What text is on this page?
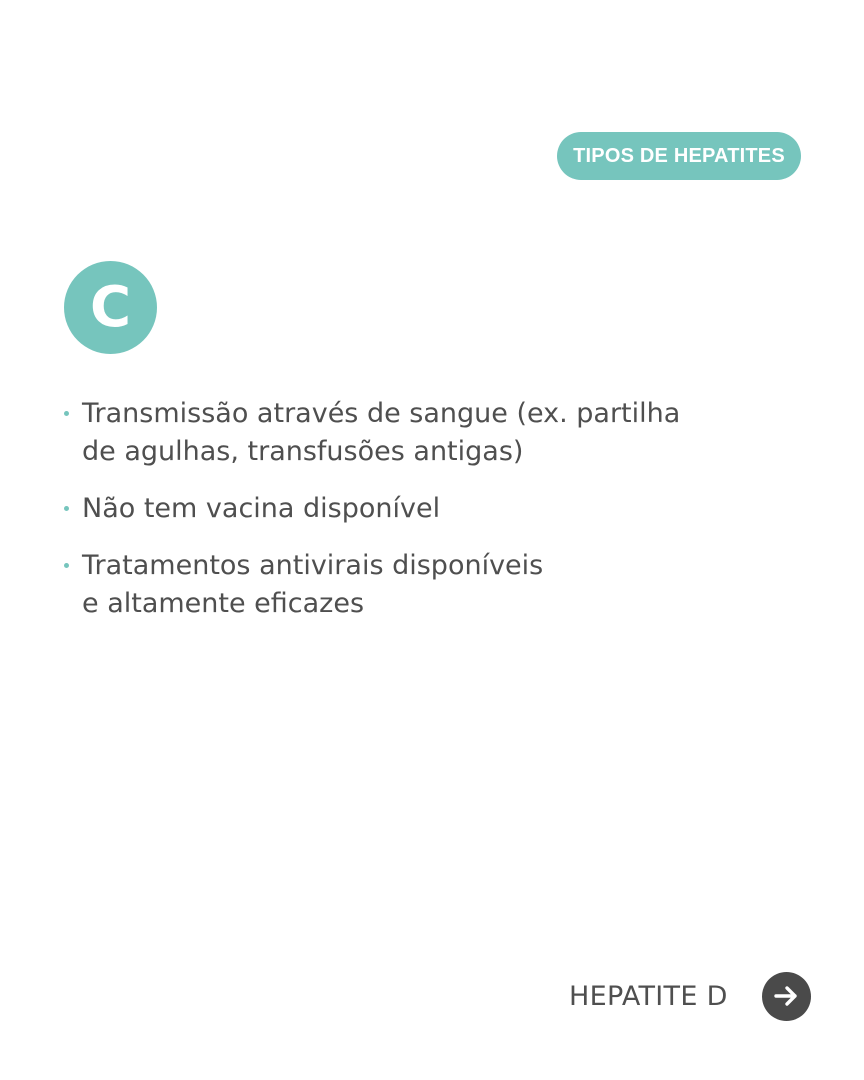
TIPOS DE HEPATITES
C
Transmissão através de sangue (ex. partilha
de agulhas, transfusões antigas)
Não tem vacina disponível
Tratamentos antivirais disponíveis
e altamente eficazes
HEPATITE D
